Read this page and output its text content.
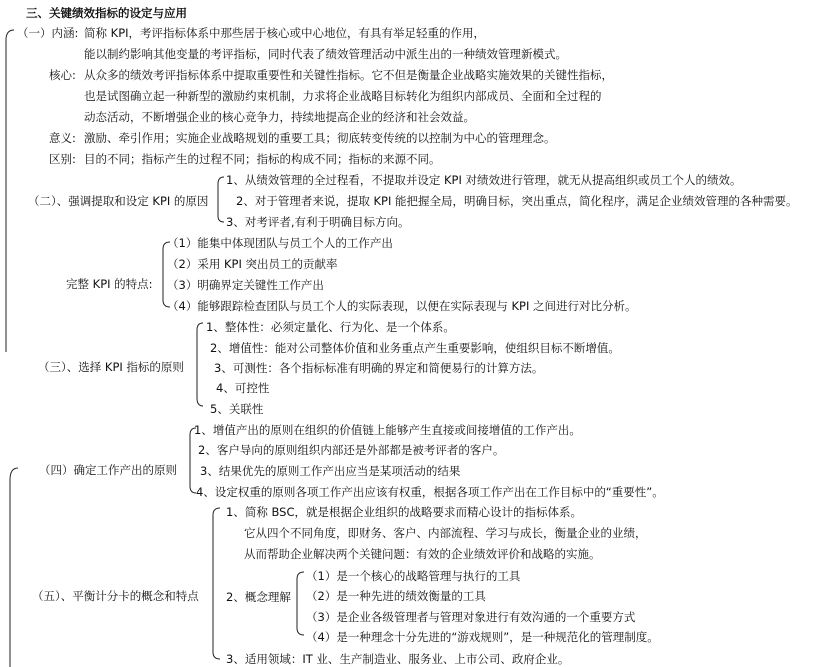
三、关键绩效指标的设定与应用
（一）内涵: 简称 KPI，考评指标体系中那些居于核心或中心地位，有具有举足轻重的作用，
能以制约影响其他变量的考评指标，同时代表了绩效管理活动中派生出的一种绩效管理新模式。
核心: 从众多的绩效考评指标体系中提取重要性和关键性指标。它不但是衡量企业战略实施效果的关键性指标，
也是试图确立起一种新型的激励约束机制，力求将企业战略目标转化为组织内部成员、全面和全过程的
动态活动，不断增强企业的核心竞争力，持续地提高企业的经济和社会效益。
意义: 激励、牵引作用；实施企业战略规划的重要工具；彻底转变传统的以控制为中心的管理理念。
区别: 目的不同；指标产生的过程不同；指标的构成不同；指标的来源不同。
（二）、强调提取和设定 KPI 的原因
1、从绩效管理的全过程看，不提取并设定 KPI 对绩效进行管理，就无从提高组织或员工个人的绩效。
2、对于管理者来说，提取 KPI 能把握全局，明确目标，突出重点，简化程序，满足企业绩效管理的各种需要。
3、对考评者,有利于明确目标方向。
完整 KPI 的特点:
（1）能集中体现团队与员工个人的工作产出
（2）采用 KPI 突出员工的贡献率
（3）明确界定关键性工作产出
（4）能够跟踪检查团队与员工个人的实际表现，以便在实际表现与 KPI 之间进行对比分析。
（三）、选择 KPI 指标的原则
1、整体性：必须定量化、行为化、是一个体系。
2、增值性：能对公司整体价值和业务重点产生重要影响，使组织目标不断增值。
3、可测性：各个指标标准有明确的界定和简便易行的计算方法。
4、可控性
5、关联性
（四）确定工作产出的原则
1、增值产出的原则在组织的价值链上能够产生直接或间接增值的工作产出。
2、客户导向的原则组织内部还是外部都是被考评者的客户。
3、结果优先的原则工作产出应当是某项活动的结果
4、设定权重的原则各项工作产出应该有权重，根据各项工作产出在工作目标中的“重要性”。
（五）、平衡计分卡的概念和特点
1、简称 BSC，就是根据企业组织的战略要求而精心设计的指标体系。
它从四个不同角度，即财务、客户、内部流程、学习与成长，衡量企业的业绩，
从而帮助企业解决两个关键问题：有效的企业绩效评价和战略的实施。
2、概念理解
（1）是一个核心的战略管理与执行的工具
（2）是一种先进的绩效衡量的工具
（3）是企业各级管理者与管理对象进行有效沟通的一个重要方式
（4）是一种理念十分先进的“游戏规则”，是一种规范化的管理制度。
3、适用领域：IT 业、生产制造业、服务业、上市公司、政府企业。
